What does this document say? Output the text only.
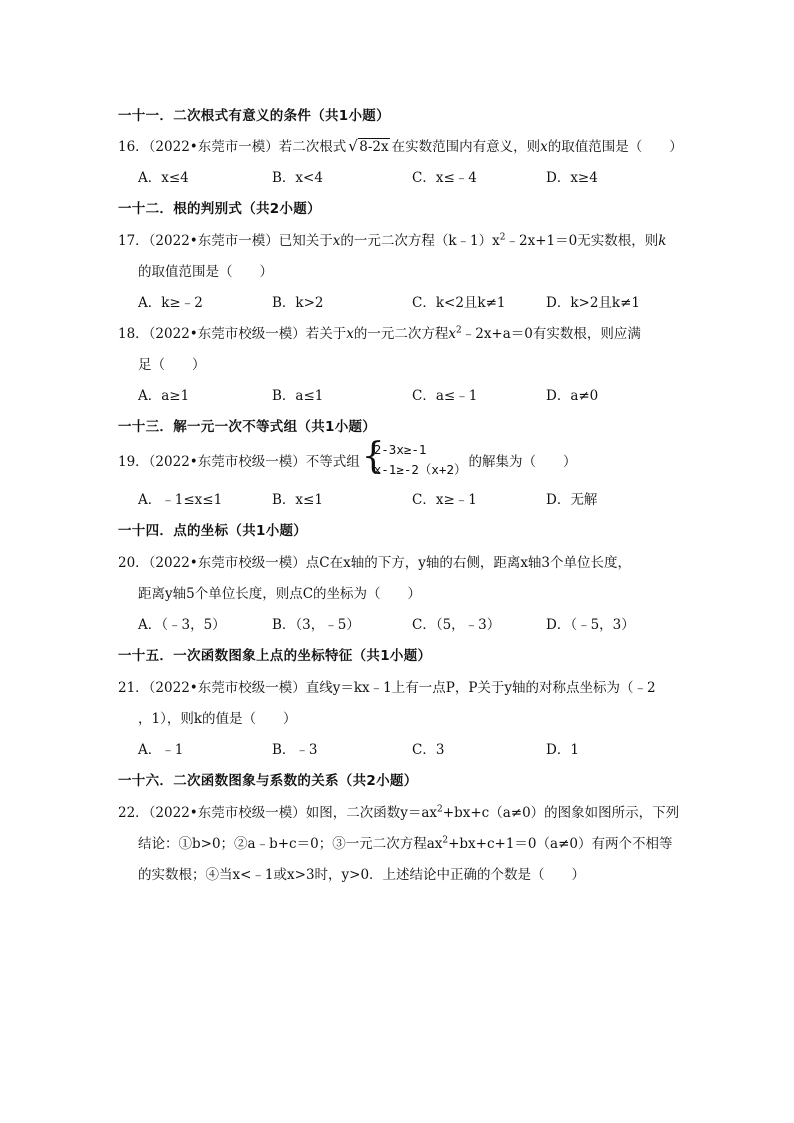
一十一．二次根式有意义的条件（共1小题）
16．（2022•东莞市一模）若二次根式 √ 8-2x 在实数范围内有意义，则x的取值范围是（　　）
A．x≤4	B．x<4	C．x≤﹣4	D．x≥4
一十二．根的判别式（共2小题）
17．（2022•东莞市一模）已知关于x的一元二次方程$(k﹣1)x^2﹣2x+1=0$无实数根，则k
的取值范围是（　　）
A．k≥﹣2	B．k>2	C．k<2且k≠1	D．k>2且k≠1
18．（2022•东莞市校级一模）若关于x的一元二次方程$x^2﹣2x+a=0$有实数根，则应满
足（　　）
A．a≥1	B．a≤1	C．a≤﹣1	D．a≠0
一十三．解一元一次不等式组（共1小题）
19．（2022•东莞市校级一模）不等式组 {
2-3x≥-1
x-1≥-2（x+2） 的解集为（　　）
A．﹣1≤x≤1	B．x≤1	C．x≥﹣1	D．无解
一十四．点的坐标（共1小题）
20．（2022•东莞市校级一模）点C在x轴的下方，y轴的右侧，距离x轴3个单位长度，
距离y轴5个单位长度，则点C的坐标为（　　）
A．（﹣3，5）	B．（3，﹣5）	C．（5，﹣3）	D．（﹣5，3）
一十五．一次函数图象上点的坐标特征（共1小题）
21．（2022•东莞市校级一模）直线y＝kx﹣1上有一点P，P关于y轴的对称点坐标为（﹣2
，1），则k的值是（　　）
A．﹣1	B．﹣3	C．3	D．1
一十六．二次函数图象与系数的关系（共2小题）
22．（2022•东莞市校级一模）如图，二次函数$y=ax^2+bx+c(a\ne 0)$的图象如图所示，下列
结论：①b>0；②a﹣b+c＝0；③一元二次方程$ax^2+bx+c+1=0(a\ne 0)$有两个不相等
的实数根；④当x<﹣1或x>3时，y>0．上述结论中正确的个数是（　　）
